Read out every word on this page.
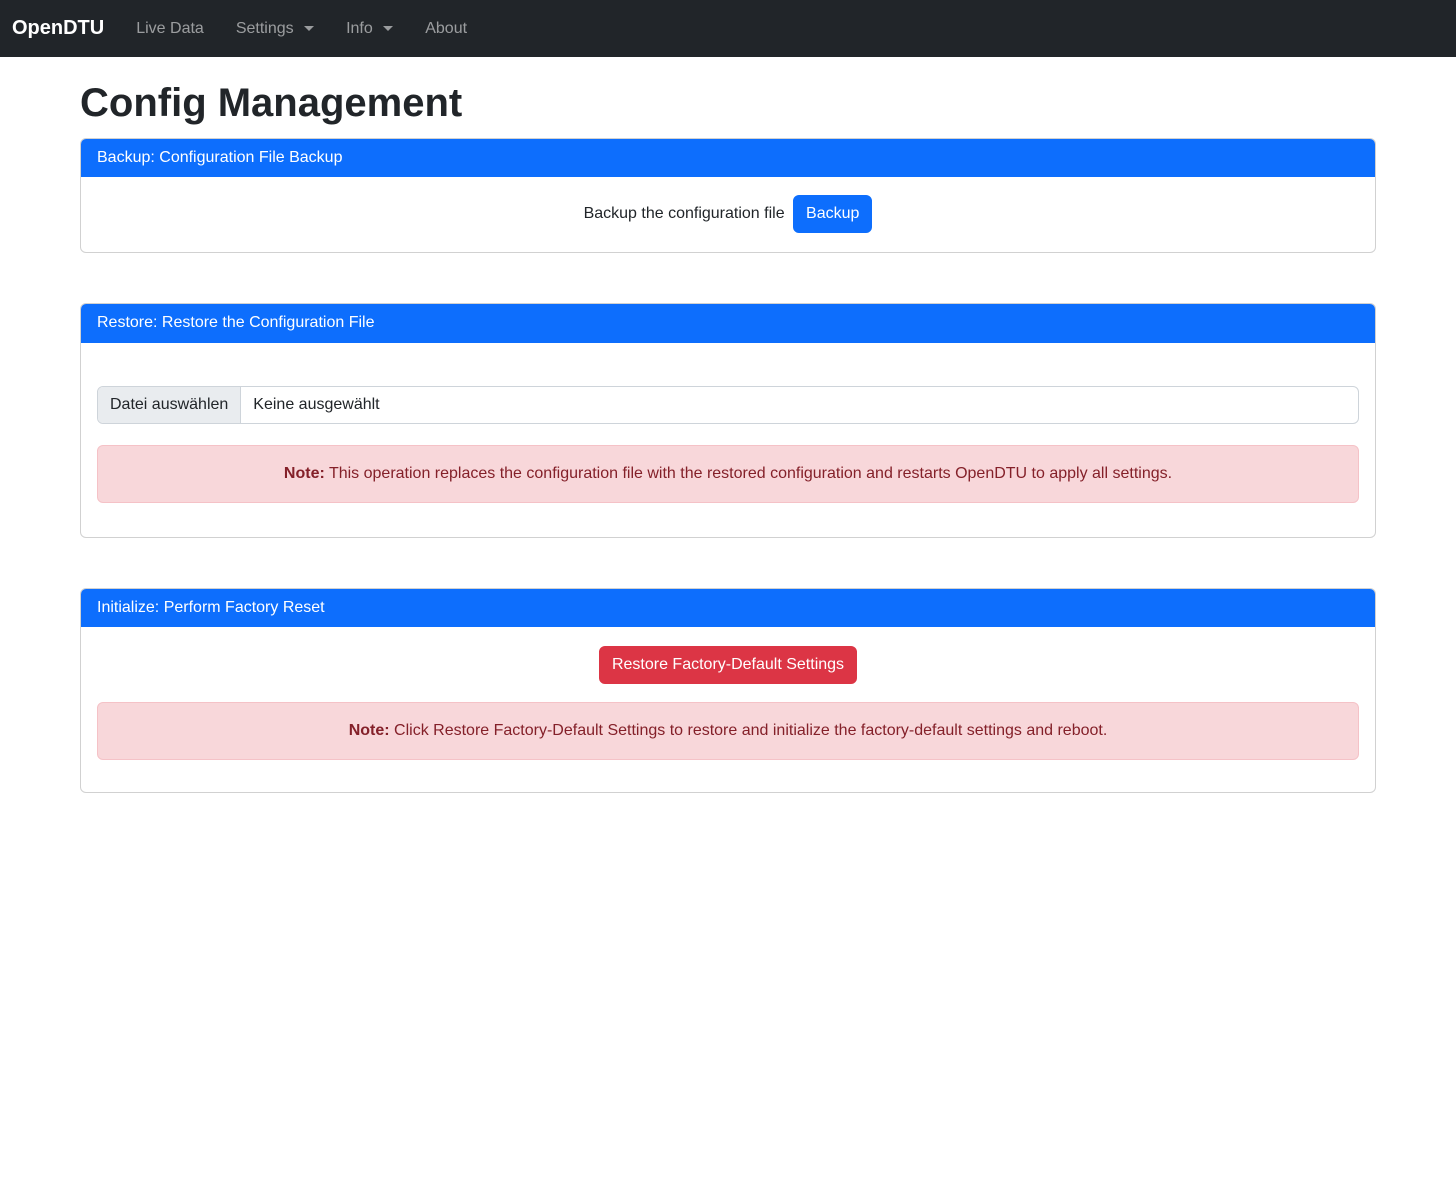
OpenDTU	Live Data	Settings	Info	About
Config Management
Backup: Configuration File Backup
Backup the configuration file Backup
Restore: Restore the Configuration File
Datei auswählen	Keine ausgewählt
Note: This operation replaces the configuration file with the restored configuration and restarts OpenDTU to apply all settings.
Initialize: Perform Factory Reset
Restore Factory-Default Settings
Note: Click Restore Factory-Default Settings to restore and initialize the factory-default settings and reboot.
